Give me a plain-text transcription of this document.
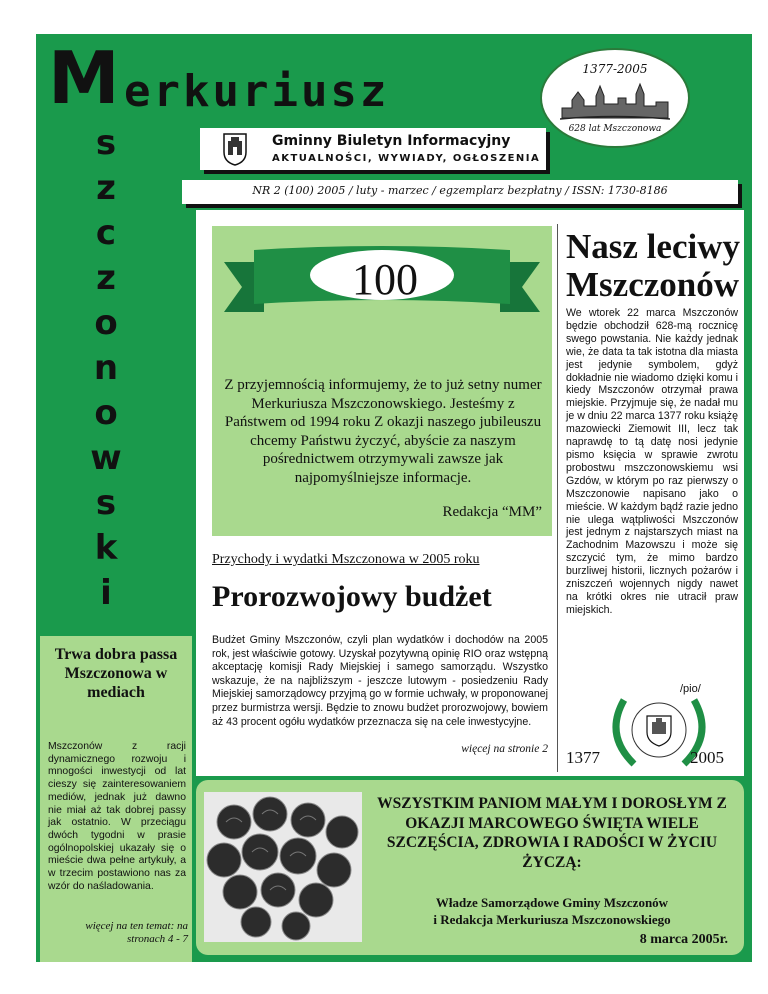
M erkuriusz
s
z
c
z
o
n
o
w
s
k
i
Gminny Biuletyn Informacyjny
AKTUALNOŚCI, WYWIADY, OGŁOSZENIA
1377-2005
628 lat Mszczonowa
NR 2 (100) 2005 / luty - marzec / egzemplarz bezpłatny / ISSN: 1730-8186
100
Z przyjemnością informujemy, że to już setny numer Merkuriusza Mszczonowskiego. Jesteśmy z Państwem od 1994 roku Z okazji naszego jubileuszu chcemy Państwu życzyć, abyście za naszym pośrednictwem otrzymywali zawsze jak najpomyślniejsze informacje.
Redakcja “MM”
Przychody i wydatki Mszczonowa w 2005 roku
Prorozwojowy budżet
Budżet Gminy Mszczonów, czyli plan wydatków i dochodów na 2005 rok, jest właściwie gotowy. Uzyskał pozytywną opinię RIO oraz wstępną akceptację komisji Rady Miejskiej i samego samorządu. Wszystko wskazuje, że na najbliższym - jeszcze lutowym - posiedzeniu Rady Miejskiej samorządowcy przyjmą go w formie uchwały, w proponowanej przez burmistrza wersji. Będzie to znowu budżet prorozwojowy, bowiem aż 43 procent ogółu wydatków przeznacza się na cele inwestycyjne.
więcej na stronie 2
Nasz leciwy
Mszczonów
We wtorek 22 marca Mszczonów będzie obchodził 628-mą rocznicę swego powstania. Nie każdy jednak wie, że data ta tak istotna dla miasta jest jedynie symbolem, gdyż dokładnie nie wiadomo dzięki komu i kiedy Mszczonów otrzymał prawa miejskie. Przyjmuje się, że nadał mu je w dniu 22 marca 1377 roku książę mazowiecki Ziemowit III, lecz tak naprawdę to tą datę nosi jedynie pismo księcia w sprawie zwrotu probostwu mszczonowskiemu wsi Gzdów, w którym po raz pierwszy o Mszczonowie napisano jako o mieście. W każdym bądź razie jedno nie ulega wątpliwości Mszczonów jest jednym z najstarszych miast na Zachodnim Mazowszu i może się szczycić tym, że mimo bardzo burzliwej historii, licznych pożarów i zniszczeń wojennych nigdy nawet na krótki okres nie utracił praw miejskich.
/pio/
1377	2005
Trwa dobra passa Mszczonowa w mediach
Mszczonów z racji dynamicznego rozwoju i mnogości inwestycji od lat cieszy się zainteresowaniem mediów, jednak już dawno nie miał aż tak dobrej passy jak ostatnio. W przeciągu dwóch tygodni w prasie ogólnopolskiej ukazały się o mieście dwa pełne artykuły, a w trzecim postawiono nas za wzór do naśladowania.
więcej na ten temat: na stronach 4 - 7
WSZYSTKIM PANIOM MAŁYM I DOROSŁYM Z OKAZJI MARCOWEGO ŚWIĘTA WIELE SZCZĘŚCIA, ZDROWIA I RADOŚCI W ŻYCIU ŻYCZĄ:
Władze Samorządowe Gminy Mszczonów
i Redakcja Merkuriusza Mszczonowskiego
8 marca 2005r.
